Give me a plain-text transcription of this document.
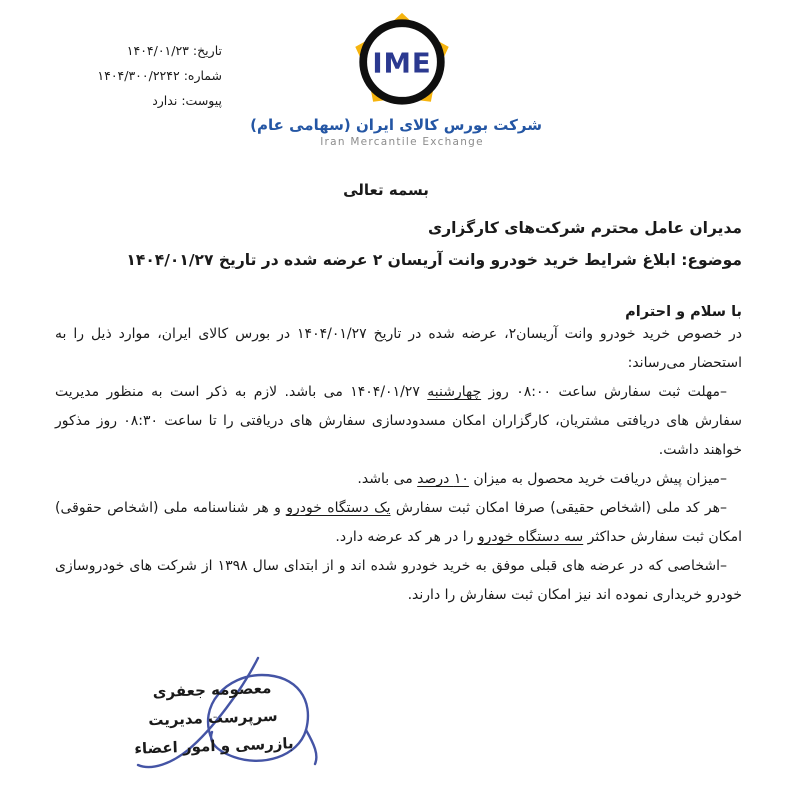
تاریخ:۱۴۰۴/۰۱/۲۳
شماره:۱۴۰۴/۳۰۰/۲۲۴۲
پیوست:ندارد
IME
شرکت بورس کالای ایران (سهامی عام)
Iran Mercantile Exchange
بسمه تعالی
مدیران عامل محترم شرکت‌های کارگزاری
موضوع: ابلاغ شرایط خرید خودرو وانت آریسان ۲ عرضه شده در تاریخ ۱۴۰۴/۰۱/۲۷
با سلام و احترام

در خصوص خرید خودرو وانت آریسان۲، عرضه شده در تاریخ ۱۴۰۴/۰۱/۲۷ در بورس کالای ایران، موارد ذیل را به استحضار می‌رساند:

–مهلت ثبت سفارش ساعت ۰۸:۰۰ روز چهارشنبه ۱۴۰۴/۰۱/۲۷ می باشد. لازم به ذکر است به منظور مدیریت سفارش های دریافتی مشتریان، کارگزاران امکان مسدودسازی سفارش های دریافتی را تا ساعت ۰۸:۳۰ روز مذکور خواهند داشت.

–میزان پیش دریافت خرید محصول به میزان ۱۰ درصد می باشد.

–هر کد ملی (اشخاص حقیقی) صرفا امکان ثبت سفارش یک دستگاه خودرو و هر شناسنامه ملی (اشخاص حقوقی) امکان ثبت سفارش حداکثر سه دستگاه خودرو را در هر کد عرضه دارد.

–اشخاصی که در عرضه های قبلی موفق به خرید خودرو شده اند و از ابتدای سال ۱۳۹۸ از شرکت های خودروسازی خودرو خریداری نموده اند نیز امکان ثبت سفارش را دارند.

معصومه جعفری
سرپرست مدیریت
بازرسی و امور اعضاء
